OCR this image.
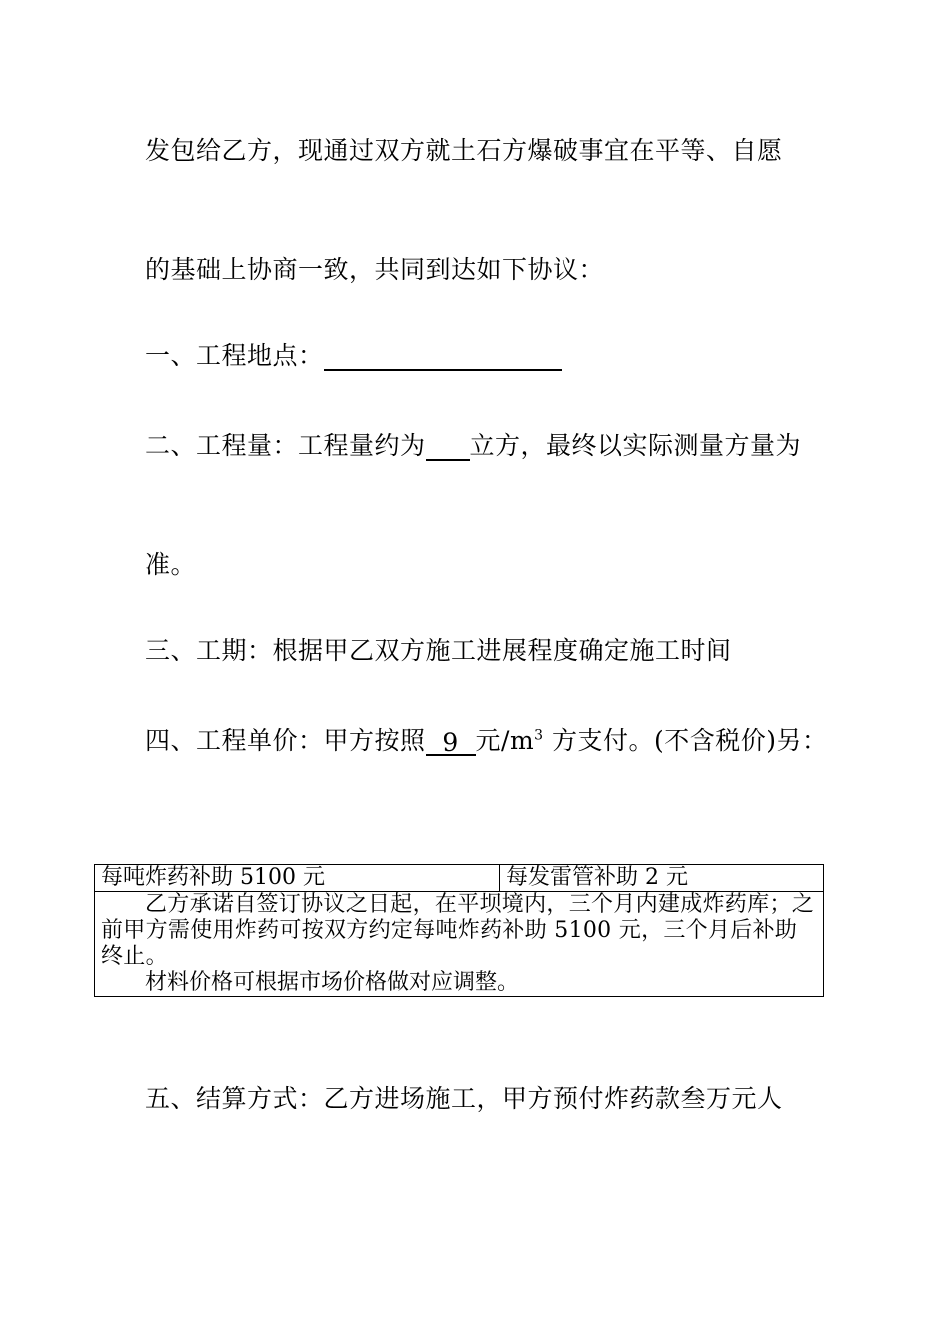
发包给乙方，现通过双方就土石方爆破事宜在平等、自愿
的基础上协商一致，共同到达如下协议：
一、工程地点：
二、工程量：工程量约为 立方，最终以实际测量方量为
准。
三、工期：根据甲乙双方施工进展程度确定施工时间
四、工程单价：甲方按照 9 元$/m^3$ 方支付。(不含税价)另：
每吨炸药补助 5100 元	每发雷管补助 2 元

乙方承诺自签订协议之日起，在平坝境内，三个月内建成炸药库；之前甲方需使用炸药可按双方约定每吨炸药补助 5100 元，三个月后补助终止。
材料价格可根据市场价格做对应调整。
五、结算方式：乙方进场施工，甲方预付炸药款叁万元人
